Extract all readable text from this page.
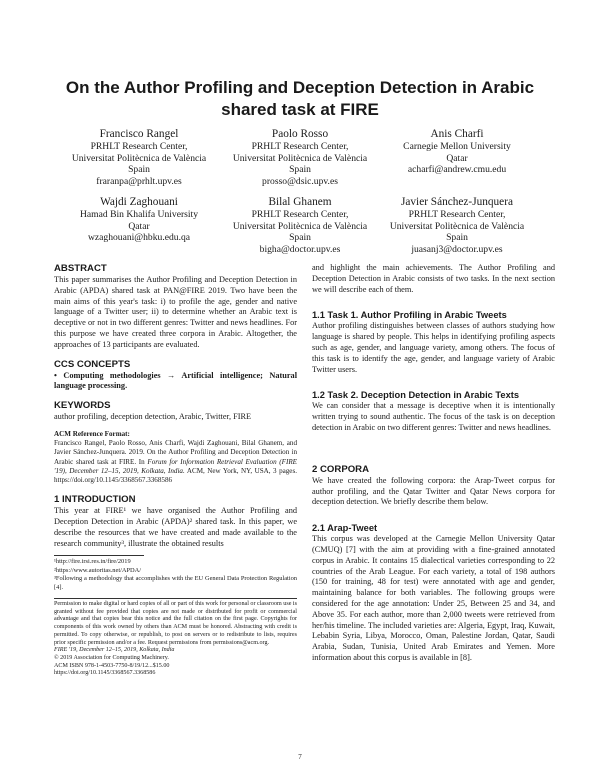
On the Author Profiling and Deception Detection in Arabic shared task at FIRE
Francisco Rangel
PRHLT Research Center,
Universitat Politècnica de València
Spain
fraranpa@prhlt.upv.es
Paolo Rosso
PRHLT Research Center,
Universitat Politècnica de València
Spain
prosso@dsic.upv.es
Anis Charfi
Carnegie Mellon University
Qatar
acharfi@andrew.cmu.edu
Wajdi Zaghouani
Hamad Bin Khalifa University
Qatar
wzaghouani@hbku.edu.qa
Bilal Ghanem
PRHLT Research Center,
Universitat Politècnica de València
Spain
bigha@doctor.upv.es
Javier Sánchez-Junquera
PRHLT Research Center,
Universitat Politècnica de València
Spain
juasanj3@doctor.upv.es

ABSTRACT

This paper summarises the Author Profiling and Deception Detection in Arabic (APDA) shared task at PAN@FIRE 2019. Two have been the main aims of this year's task: i) to profile the age, gender and native language of a Twitter user; ii) to determine whether an Arabic text is deceptive or not in two different genres: Twitter and news headlines. For this purpose we have created three corpora in Arabic. Altogether, the approaches of 13 participants are evaluated.

CCS CONCEPTS

• Computing methodologies → Artificial intelligence; Natural language processing.

KEYWORDS

author profiling, deception detection, Arabic, Twitter, FIRE

ACM Reference Format:

Francisco Rangel, Paolo Rosso, Anis Charfi, Wajdi Zaghouani, Bilal Ghanem, and Javier Sánchez-Junquera. 2019. On the Author Profiling and Deception Detection in Arabic shared task at FIRE. In Forum for Information Retrieval Evaluation (FIRE '19), December 12–15, 2019, Kolkata, India. ACM, New York, NY, USA, 3 pages. https://doi.org/10.1145/3368567.3368586

1 INTRODUCTION

This year at FIRE¹ we have organised the Author Profiling and Deception Detection in Arabic (APDA)² shared task. In this paper, we describe the resources that we have created and made available to the research community³, illustrate the obtained results

¹http://fire.irsi.res.in/fire/2019

²https://www.autoritas.net/APDA/

³Following a methodology that accomplishes with the EU General Data Protection Regulation [4].

Permission to make digital or hard copies of all or part of this work for personal or classroom use is granted without fee provided that copies are not made or distributed for profit or commercial advantage and that copies bear this notice and the full citation on the first page. Copyrights for components of this work owned by others than ACM must be honored. Abstracting with credit is permitted. To copy otherwise, or republish, to post on servers or to redistribute to lists, requires prior specific permission and/or a fee. Request permissions from permissions@acm.org.

FIRE '19, December 12–15, 2019, Kolkata, India

© 2019 Association for Computing Machinery.

ACM ISBN 978-1-4503-7750-8/19/12...$15.00

https://doi.org/10.1145/3368567.3368586

and highlight the main achievements. The Author Profiling and Deception Detection in Arabic consists of two tasks. In the next section we will describe each of them.

1.1 Task 1. Author Profiling in Arabic Tweets

Author profiling distinguishes between classes of authors studying how language is shared by people. This helps in identifying profiling aspects such as age, gender, and language variety, among others. The focus of this task is to identify the age, gender, and language variety of Arabic Twitter users.

1.2 Task 2. Deception Detection in Arabic Texts

We can consider that a message is deceptive when it is intentionally written trying to sound authentic. The focus of the task is on deception detection in Arabic on two different genres: Twitter and news headlines.

2 CORPORA

We have created the following corpora: the Arap-Tweet corpus for author profiling, and the Qatar Twitter and Qatar News corpora for deception detection. We briefly describe them below.

2.1 Arap-Tweet

This corpus was developed at the Carnegie Mellon University Qatar (CMUQ) [7] with the aim at providing with a fine-grained annotated corpus in Arabic. It contains 15 dialectical varieties corresponding to 22 countries of the Arab League. For each variety, a total of 198 authors (150 for training, 48 for test) were annotated with age and gender, maintaining balance for both variables. The following groups were considered for the age annotation: Under 25, Between 25 and 34, and Above 35. For each author, more than 2,000 tweets were retrieved from her/his timeline. The included varieties are: Algeria, Egypt, Iraq, Kuwait, Lebabin Syria, Libya, Morocco, Oman, Palestine Jordan, Qatar, Saudi Arabia, Sudan, Tunisia, United Arab Emirates and Yemen. More information about this corpus is available in [8].

7
